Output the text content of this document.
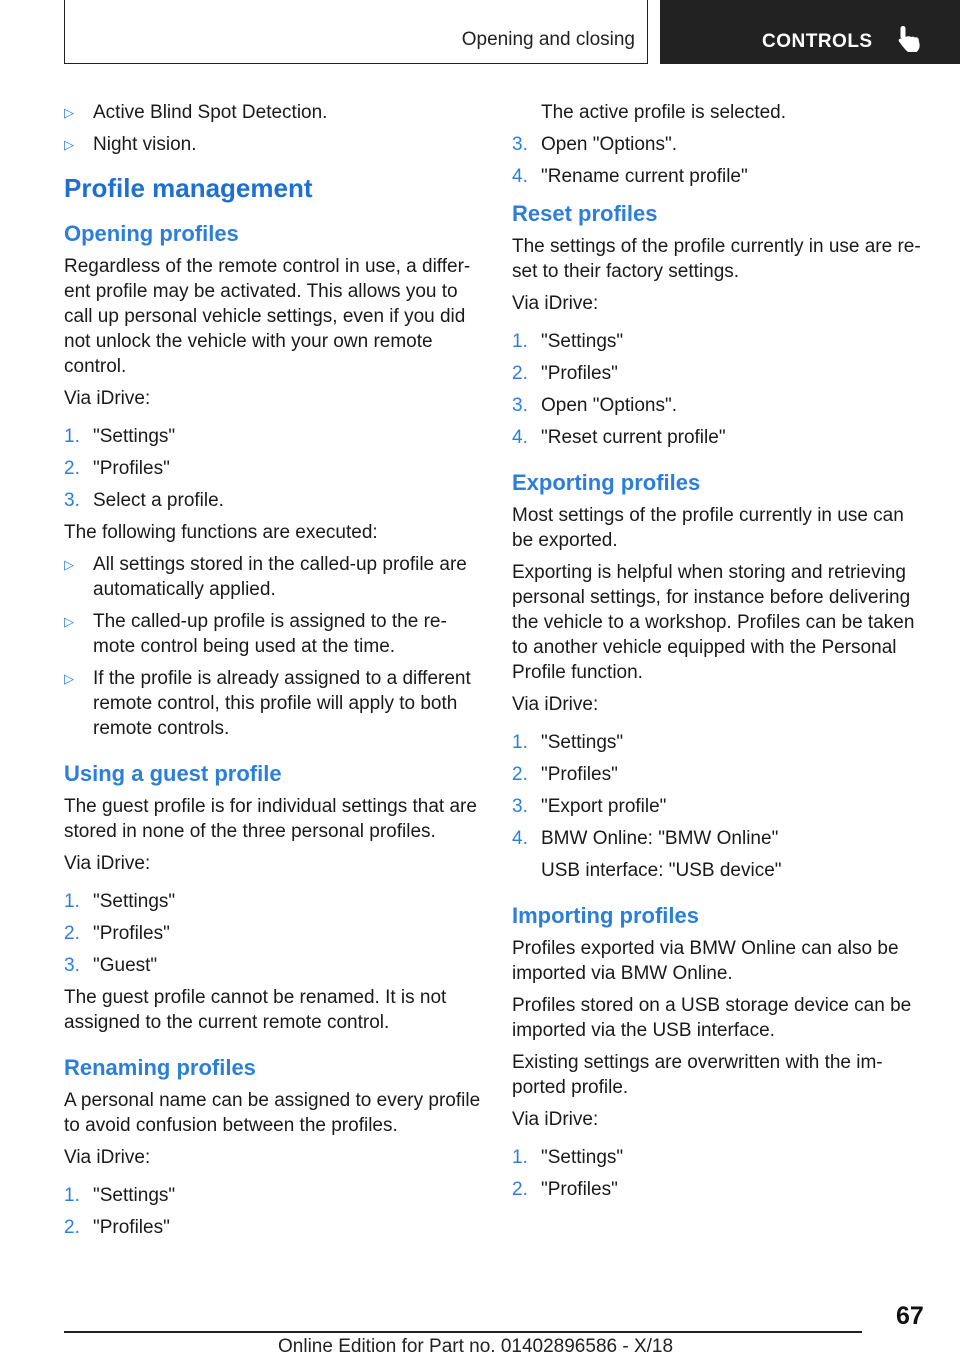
Opening and closing	CONTROLS
▷	Active Blind Spot Detection.
▷	Night vision.
Profile management
Opening profiles

Regardless of the remote control in use, a differ‐ent profile may be activated. This allows you to call up personal vehicle settings, even if you did not unlock the vehicle with your own remote control.

Via iDrive:

1. "Settings"
2. "Profiles"
3. Select a profile.

The following functions are executed:

▷	All settings stored in the called-up profile are automatically applied.
▷	The called-up profile is assigned to the re‐mote control being used at the time.
▷	If the profile is already assigned to a different remote control, this profile will apply to both remote controls.
Using a guest profile

The guest profile is for individual settings that are stored in none of the three personal profiles.

Via iDrive:

1. "Settings"
2. "Profiles"
3. "Guest"

The guest profile cannot be renamed. It is not assigned to the current remote control.

Renaming profiles

A personal name can be assigned to every profile to avoid confusion between the profiles.

Via iDrive:

1. "Settings"
2. "Profiles"

The active profile is selected.

3. Open "Options".
4. "Rename current profile"
Reset profiles

The settings of the profile currently in use are re‐set to their factory settings.

Via iDrive:

1. "Settings"
2. "Profiles"
3. Open "Options".
4. "Reset current profile"
Exporting profiles

Most settings of the profile currently in use can be exported.

Exporting is helpful when storing and retrieving personal settings, for instance before delivering the vehicle to a workshop. Profiles can be taken to another vehicle equipped with the Personal Profile function.

Via iDrive:

1. "Settings"
2. "Profiles"
3. "Export profile"
4. BMW Online: "BMW Online"

USB interface: "USB device"

Importing profiles

Profiles exported via BMW Online can also be imported via BMW Online.

Profiles stored on a USB storage device can be imported via the USB interface.

Existing settings are overwritten with the im‐ported profile.

Via iDrive:

1. "Settings"
2. "Profiles"
67
Online Edition for Part no. 01402896586 - X/18
